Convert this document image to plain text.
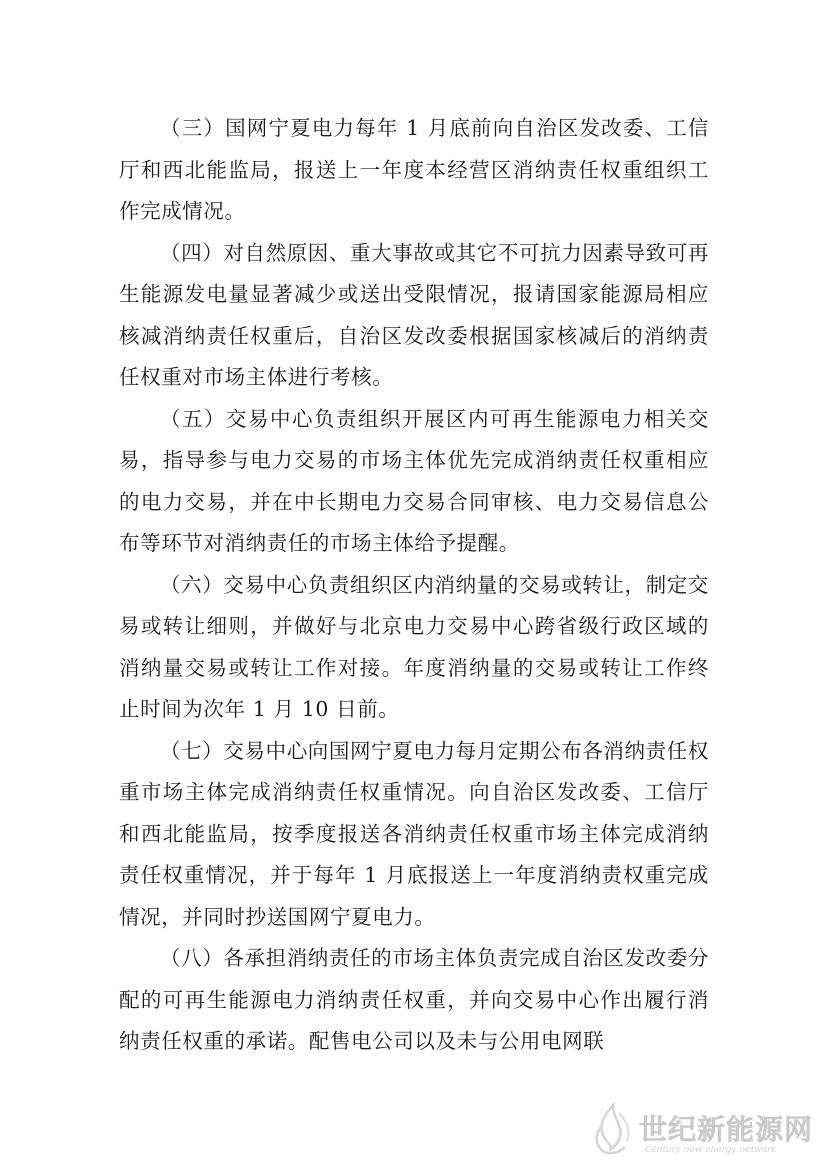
（三）国网宁夏电力每年 1 月底前向自治区发改委、工信厅和西北能监局，报送上一年度本经营区消纳责任权重组织工作完成情况。

（四）对自然原因、重大事故或其它不可抗力因素导致可再生能源发电量显著减少或送出受限情况，报请国家能源局相应核减消纳责任权重后，自治区发改委根据国家核减后的消纳责任权重对市场主体进行考核。

（五）交易中心负责组织开展区内可再生能源电力相关交易，指导参与电力交易的市场主体优先完成消纳责任权重相应的电力交易，并在中长期电力交易合同审核、电力交易信息公布等环节对消纳责任的市场主体给予提醒。

（六）交易中心负责组织区内消纳量的交易或转让，制定交易或转让细则，并做好与北京电力交易中心跨省级行政区域的消纳量交易或转让工作对接。年度消纳量的交易或转让工作终止时间为次年 1 月 10 日前。

（七）交易中心向国网宁夏电力每月定期公布各消纳责任权重市场主体完成消纳责任权重情况。向自治区发改委、工信厅和西北能监局，按季度报送各消纳责任权重市场主体完成消纳责任权重情况，并于每年 1 月底报送上一年度消纳责权重完成情况，并同时抄送国网宁夏电力。

（八）各承担消纳责任的市场主体负责完成自治区发改委分配的可再生能源电力消纳责任权重，并向交易中心作出履行消纳责任权重的承诺。配售电公司以及未与公用电网联

世纪新能源网
Century new energy network
